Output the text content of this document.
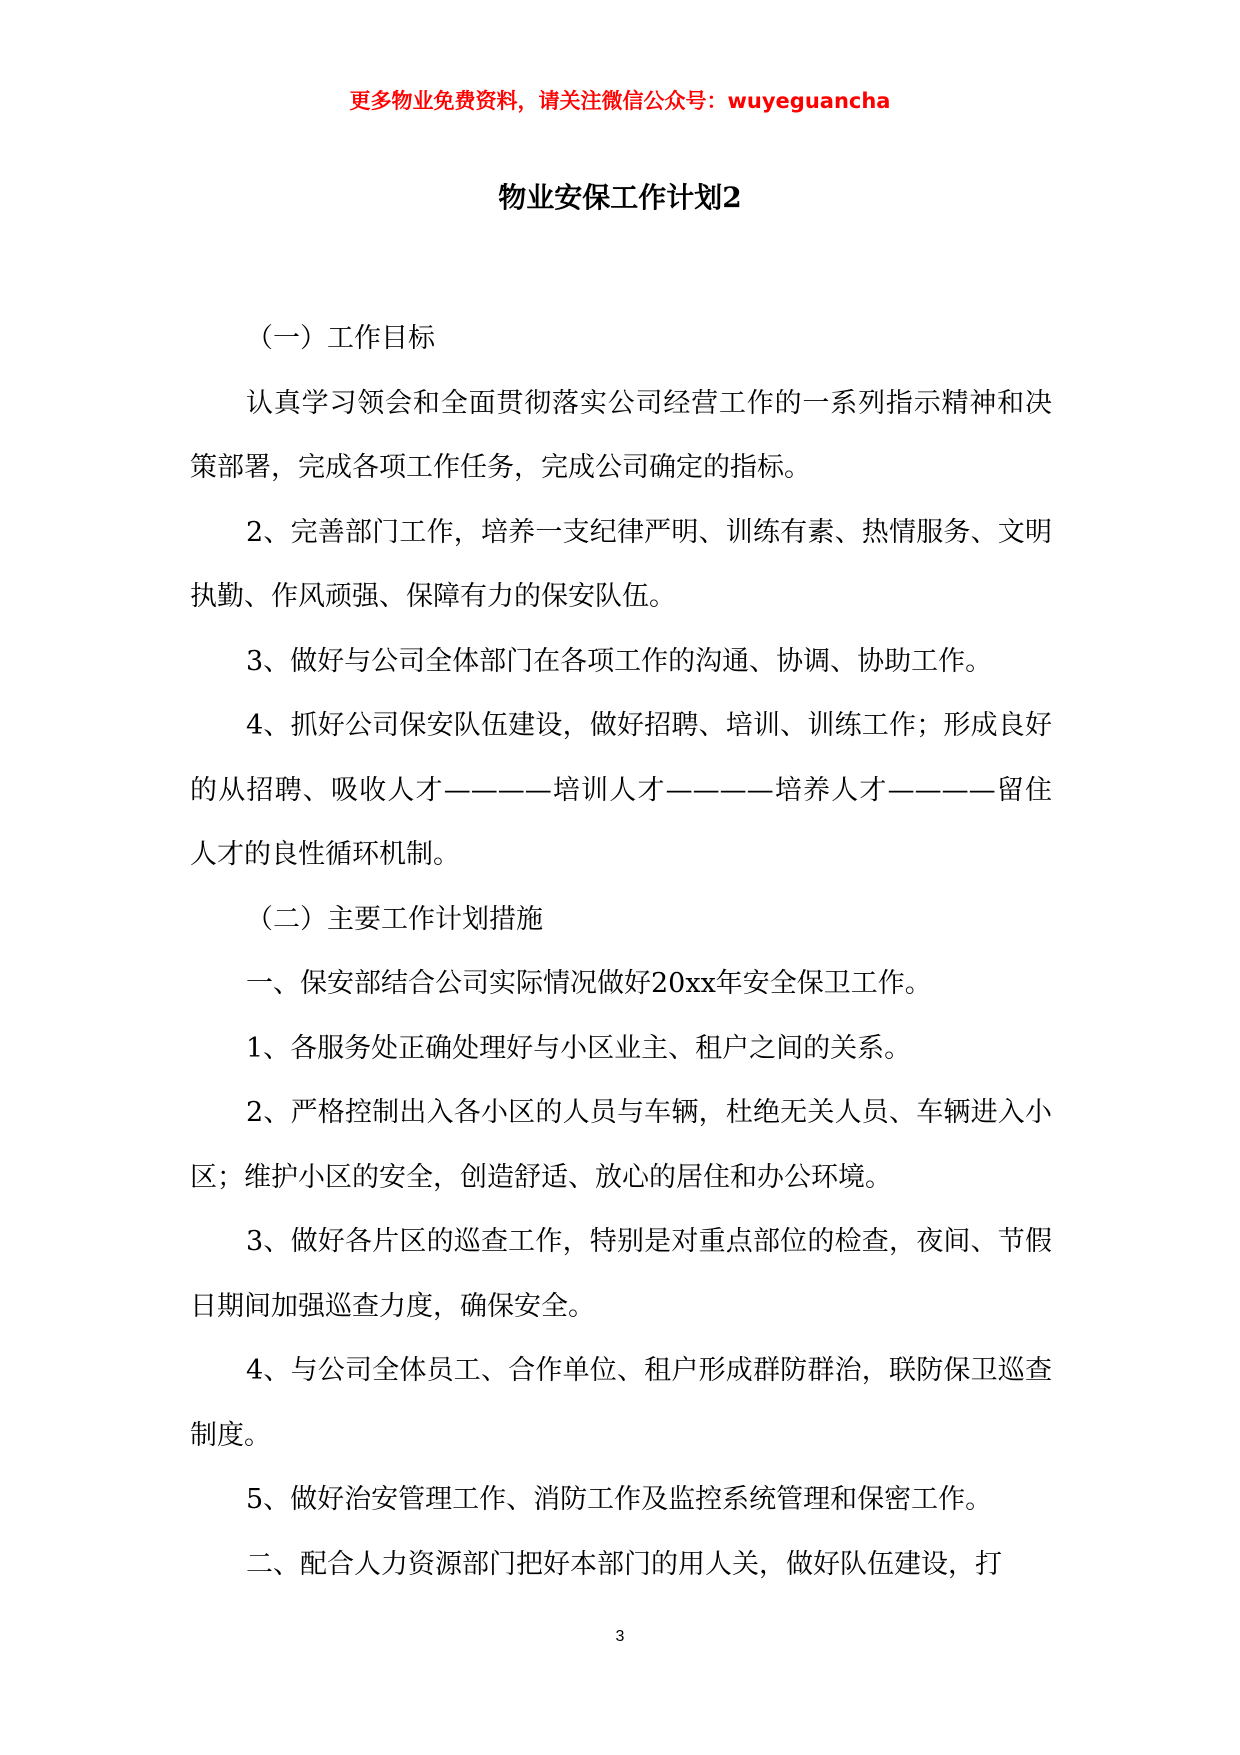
更多物业免费资料，请关注微信公众号：wuyeguancha
物业安保工作计划2

（一）工作目标

认真学习领会和全面贯彻落实公司经营工作的一系列指示精神和决策部署，完成各项工作任务，完成公司确定的指标。

2、完善部门工作，培养一支纪律严明、训练有素、热情服务、文明执勤、作风顽强、保障有力的保安队伍。

3、做好与公司全体部门在各项工作的沟通、协调、协助工作。

4、抓好公司保安队伍建设，做好招聘、培训、训练工作；形成良好的从招聘、吸收人才————培训人才————培养人才————留住人才的良性循环机制。

（二）主要工作计划措施

一、保安部结合公司实际情况做好20xx年安全保卫工作。

1、各服务处正确处理好与小区业主、租户之间的关系。

2、严格控制出入各小区的人员与车辆，杜绝无关人员、车辆进入小区；维护小区的安全，创造舒适、放心的居住和办公环境。

3、做好各片区的巡查工作，特别是对重点部位的检查，夜间、节假日期间加强巡查力度，确保安全。

4、与公司全体员工、合作单位、租户形成群防群治，联防保卫巡查制度。

5、做好治安管理工作、消防工作及监控系统管理和保密工作。

二、配合人力资源部门把好本部门的用人关，做好队伍建设，打

3
